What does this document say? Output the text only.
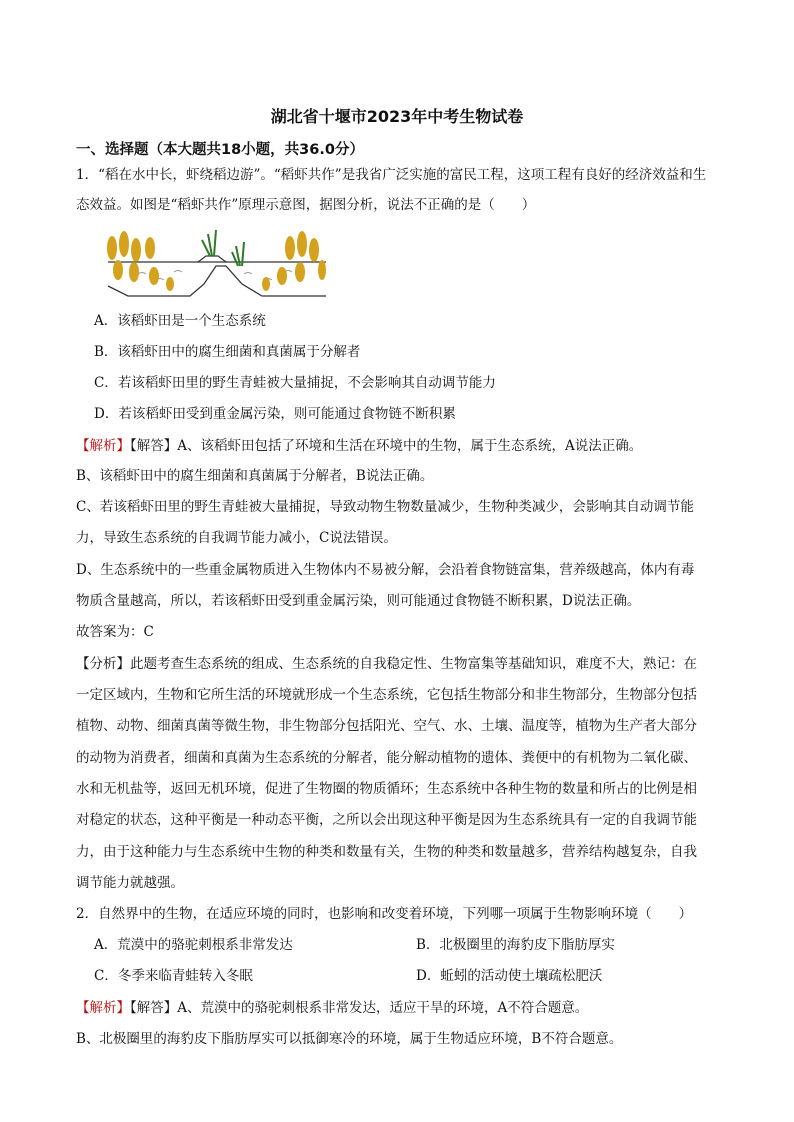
湖北省十堰市2023年中考生物试卷
一、选择题（本大题共18小题，共36.0分）
1．“稻在水中长，虾绕稻边游”。“稻虾共作”是我省广泛实施的富民工程，这项工程有良好的经济效益和生
态效益。如图是“稻虾共作”原理示意图，据图分析，说法不正确的是（　　）
A．该稻虾田是一个生态系统
B．该稻虾田中的腐生细菌和真菌属于分解者
C．若该稻虾田里的野生青蛙被大量捕捉，不会影响其自动调节能力
D．若该稻虾田受到重金属污染，则可能通过食物链不断积累
【解析】【解答】A、该稻虾田包括了环境和生活在环境中的生物，属于生态系统，A说法正确。
B、该稻虾田中的腐生细菌和真菌属于分解者，B说法正确。
C、若该稻虾田里的野生青蛙被大量捕捉，导致动物生物数量减少，生物种类减少，会影响其自动调节能
力，导致生态系统的自我调节能力减小，C说法错误。
D、生态系统中的一些重金属物质进入生物体内不易被分解，会沿着食物链富集，营养级越高，体内有毒
物质含量越高，所以，若该稻虾田受到重金属污染，则可能通过食物链不断积累，D说法正确。
故答案为：C
【分析】此题考查生态系统的组成、生态系统的自我稳定性、生物富集等基础知识，难度不大，熟记：在
一定区域内，生物和它所生活的环境就形成一个生态系统，它包括生物部分和非生物部分，生物部分包括
植物、动物、细菌真菌等微生物，非生物部分包括阳光、空气、水、土壤、温度等，植物为生产者大部分
的动物为消费者，细菌和真菌为生态系统的分解者，能分解动植物的遗体、粪便中的有机物为二氧化碳、
水和无机盐等，返回无机环境，促进了生物圈的物质循环；生态系统中各种生物的数量和所占的比例是相
对稳定的状态，这种平衡是一种动态平衡，之所以会出现这种平衡是因为生态系统具有一定的自我调节能
力，由于这种能力与生态系统中生物的种类和数量有关，生物的种类和数量越多，营养结构越复杂，自我
调节能力就越强。
2．自然界中的生物，在适应环境的同时，也影响和改变着环境，下列哪一项属于生物影响环境（　　）
A．荒漠中的骆驼刺根系非常发达	B．北极圈里的海豹皮下脂肪厚实
C．冬季来临青蛙转入冬眠	D．蚯蚓的活动使土壤疏松肥沃
【解析】【解答】A、荒漠中的骆驼刺根系非常发达，适应干旱的环境，A不符合题意。
B、北极圈里的海豹皮下脂肪厚实可以抵御寒冷的环境，属于生物适应环境，B不符合题意。
